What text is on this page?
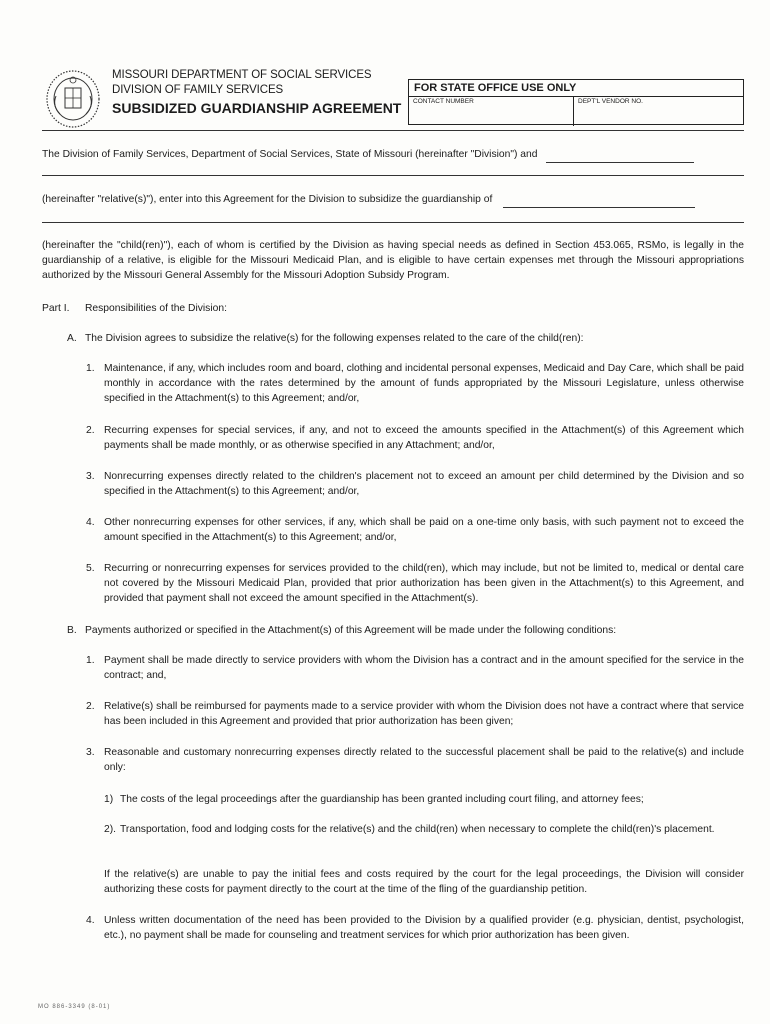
MISSOURI DEPARTMENT OF SOCIAL SERVICES
DIVISION OF FAMILY SERVICES
SUBSIDIZED GUARDIANSHIP AGREEMENT
FOR STATE OFFICE USE ONLY
CONTACT NUMBER	DEPT'L VENDOR NO.
The Division of Family Services, Department of Social Services, State of Missouri (hereinafter "Division") and
(hereinafter "relative(s)"), enter into this Agreement for the Division to subsidize the guardianship of
(hereinafter the "child(ren)"), each of whom is certified by the Division as having special needs as defined in Section 453.065, RSMo, is legally in the guardianship of a relative, is eligible for the Missouri Medicaid Plan, and is eligible to have certain expenses met through the Missouri appropriations authorized by the Missouri General Assembly for the Missouri Adoption Subsidy Program.
Part I. Responsibilities of the Division:
A. The Division agrees to subsidize the relative(s) for the following expenses related to the care of the child(ren):
1. Maintenance, if any, which includes room and board, clothing and incidental personal expenses, Medicaid and Day Care, which shall be paid monthly in accordance with the rates determined by the amount of funds appropriated by the Missouri Legislature, unless otherwise specified in the Attachment(s) to this Agreement; and/or,
2. Recurring expenses for special services, if any, and not to exceed the amounts specified in the Attachment(s) of this Agreement which payments shall be made monthly, or as otherwise specified in any Attachment; and/or,
3. Nonrecurring expenses directly related to the children's placement not to exceed an amount per child determined by the Division and so specified in the Attachment(s) to this Agreement; and/or,
4. Other nonrecurring expenses for other services, if any, which shall be paid on a one-time only basis, with such payment not to exceed the amount specified in the Attachment(s) to this Agreement; and/or,
5. Recurring or nonrecurring expenses for services provided to the child(ren), which may include, but not be limited to, medical or dental care not covered by the Missouri Medicaid Plan, provided that prior authorization has been given in the Attachment(s) to this Agreement, and provided that payment shall not exceed the amount specified in the Attachment(s).
B. Payments authorized or specified in the Attachment(s) of this Agreement will be made under the following conditions:
1. Payment shall be made directly to service providers with whom the Division has a contract and in the amount specified for the service in the contract; and,
2. Relative(s) shall be reimbursed for payments made to a service provider with whom the Division does not have a contract where that service has been included in this Agreement and provided that prior authorization has been given;
3. Reasonable and customary nonrecurring expenses directly related to the successful placement shall be paid to the relative(s) and include only:
1) The costs of the legal proceedings after the guardianship has been granted including court filing, and attorney fees;
2). Transportation, food and lodging costs for the relative(s) and the child(ren) when necessary to complete the child(ren)'s placement.
If the relative(s) are unable to pay the initial fees and costs required by the court for the legal proceedings, the Division will consider authorizing these costs for payment directly to the court at the time of the fling of the guardianship petition.
4. Unless written documentation of the need has been provided to the Division by a qualified provider (e.g. physician, dentist, psychologist, etc.), no payment shall be made for counseling and treatment services for which prior authorization has been given.
MO 886-3349 (8-01)
